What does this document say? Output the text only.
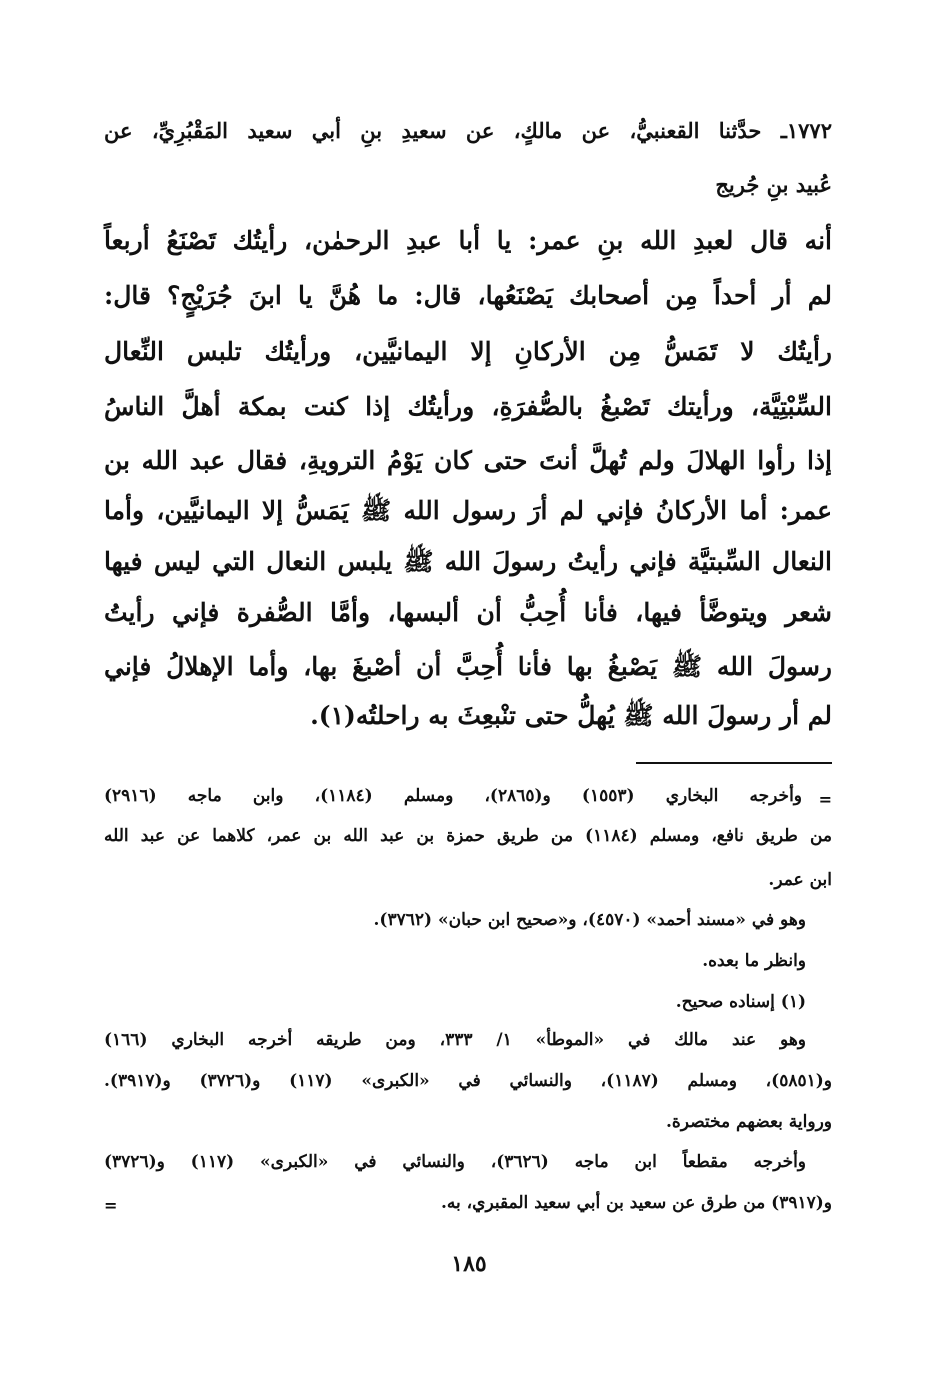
١٧٧٢ـ حدَّثنا القعنبيُّ، عن مالكٍ، عن سعيدِ بنِ أبي سعيد المَقْبُرِيِّ، عن
عُبيد بنِ جُريج
أنه قال لعبدِ الله بنِ عمر: يا أبا عبدِ الرحمٰن، رأيتُك تَصْنَعُ أربعاً
لم أر أحداً مِن أصحابك يَصْنَعُها، قال: ما هُنَّ يا ابنَ جُرَيْجٍ؟ قال:
رأيتُك لا تَمَسُّ مِن الأركانِ إلا اليمانيَّين، ورأيتُك تلبس النِّعال
السِّبْتِيَّة، ورأيتك تَصْبغُ بالصُّفرَةِ، ورأيتُك إذا كنت بمكة أهلَّ الناسُ
إذا رأوا الهلالَ ولم تُهلَّ أنتَ حتى كان يَوْمُ الترويةِ، فقال عبد الله بن
عمر: أما الأركانُ فإني لم أرَ رسول الله ﷺ يَمَسُّ إلا اليمانيَّين، وأما
النعال السِّبتيَّة فإني رأيتُ رسولَ الله ﷺ يلبس النعال التي ليس فيها
شعر ويتوضَّأ فيها، فأنا أُحِبُّ أن ألبسها، وأمَّا الصُّفرة فإني رأيتُ
رسولَ الله ﷺ يَصْبغُ بها فأنا أُحِبَّ أن أصْبغَ بها، وأما الإهلالُ فإني
لم أر رسولَ الله ﷺ يُهلُّ حتى تنْبعِثَ به راحلتُه(١).
=
وأخرجه البخاري (١٥٥٣) و(٢٨٦٥)، ومسلم (١١٨٤)، وابن ماجه (٢٩١٦)
من طريق نافع، ومسلم (١١٨٤) من طريق حمزة بن عبد الله بن عمر، كلاهما عن عبد الله
ابن عمر.
وهو في «مسند أحمد» (٤٥٧٠)، و«صحيح ابن حبان» (٣٧٦٢).
وانظر ما بعده.
(١) إسناده صحيح.
وهو عند مالك في «الموطأ» ١/ ٣٣٣، ومن طريقه أخرجه البخاري (١٦٦)
و(٥٨٥١)، ومسلم (١١٨٧)، والنسائي في «الكبرى» (١١٧) و(٣٧٢٦) و(٣٩١٧).
ورواية بعضهم مختصرة.
وأخرجه مقطعاً ابن ماجه (٣٦٢٦)، والنسائي في «الكبرى» (١١٧) و(٣٧٢٦)
و(٣٩١٧) من طرق عن سعيد بن أبي سعيد المقبري، به.
=
١٨٥
